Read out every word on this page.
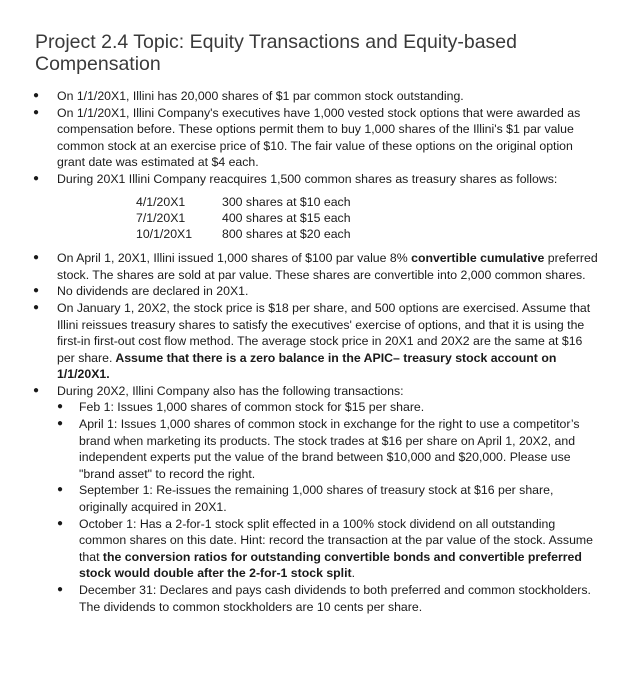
Project 2.4 Topic: Equity Transactions and Equity-based Compensation
● On 1/1/20X1, Illini has 20,000 shares of $1 par common stock outstanding.
● On 1/1/20X1, Illini Company's executives have 1,000 vested stock options that were awarded as compensation before. These options permit them to buy 1,000 shares of the Illini's $1 par value common stock at an exercise price of $10. The fair value of these options on the original option grant date was estimated at $4 each.
● During 20X1 Illini Company reacquires 1,500 common shares as treasury shares as follows:
4/1/20X1	300 shares at $10 each
7/1/20X1	400 shares at $15 each
10/1/20X1	800 shares at $20 each
● On April 1, 20X1, Illini issued 1,000 shares of $100 par value 8% convertible cumulative preferred stock. The shares are sold at par value. These shares are convertible into 2,000 common shares.
● No dividends are declared in 20X1.
● On January 1, 20X2, the stock price is $18 per share, and 500 options are exercised. Assume that Illini reissues treasury shares to satisfy the executives' exercise of options, and that it is using the first-in first-out cost flow method. The average stock price in 20X1 and 20X2 are the same at $16 per share. Assume that there is a zero balance in the APIC– treasury stock account on 1/1/20X1.
● During 20X2, Illini Company also has the following transactions:
● Feb 1: Issues 1,000 shares of common stock for $15 per share.
● April 1: Issues 1,000 shares of common stock in exchange for the right to use a competitor’s brand when marketing its products. The stock trades at $16 per share on April 1, 20X2, and independent experts put the value of the brand between $10,000 and $20,000. Please use "brand asset" to record the right.
● September 1: Re-issues the remaining 1,000 shares of treasury stock at $16 per share, originally acquired in 20X1.
● October 1: Has a 2-for-1 stock split effected in a 100% stock dividend on all outstanding common shares on this date. Hint: record the transaction at the par value of the stock. Assume that the conversion ratios for outstanding convertible bonds and convertible preferred stock would double after the 2-for-1 stock split.
● December 31: Declares and pays cash dividends to both preferred and common stockholders. The dividends to common stockholders are 10 cents per share.
